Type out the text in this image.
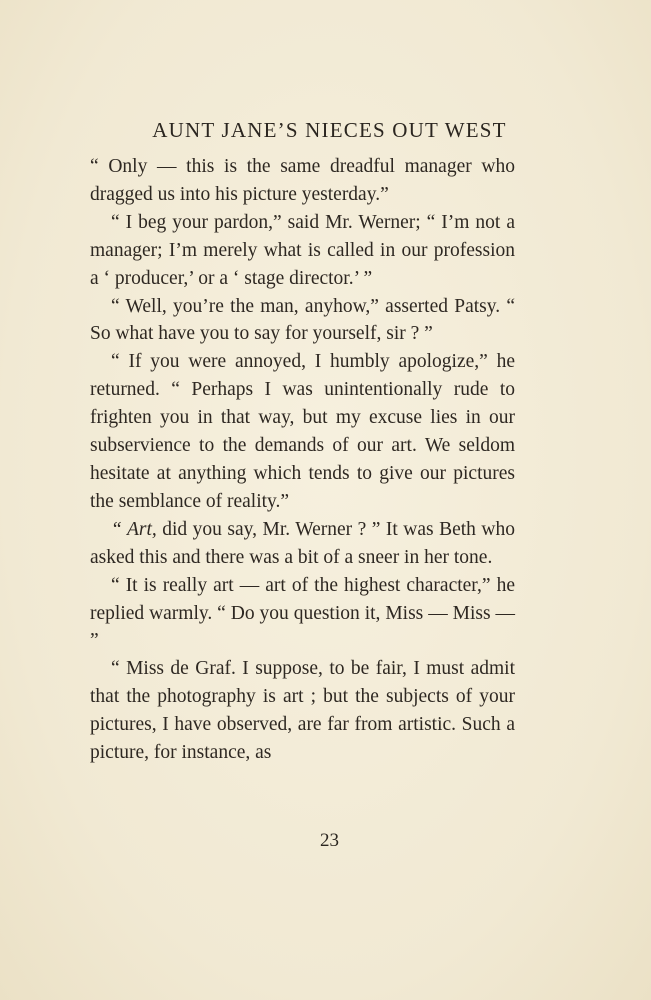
AUNT JANE’S NIECES OUT WEST

“ Only — this is the same dreadful manager who dragged us into his picture yesterday.”

“ I beg your pardon,” said Mr. Werner; “ I’m not a manager; I’m merely what is called in our profession a ‘ producer,’ or a ‘ stage director.’ ”

“ Well, you’re the man, anyhow,” asserted Patsy. “ So what have you to say for yourself, sir ? ”

“ If you were annoyed, I humbly apologize,” he returned. “ Perhaps I was unintentionally rude to frighten you in that way, but my excuse lies in our subservience to the demands of our art. We seldom hesitate at anything which tends to give our pictures the semblance of reality.”

“ Art, did you say, Mr. Werner ? ” It was Beth who asked this and there was a bit of a sneer in her tone.

“ It is really art — art of the highest character,” he replied warmly. “ Do you question it, Miss — Miss — ”

“ Miss de Graf. I suppose, to be fair, I must admit that the photography is art ; but the subjects of your pictures, I have observed, are far from artistic. Such a picture, for instance, as

23
